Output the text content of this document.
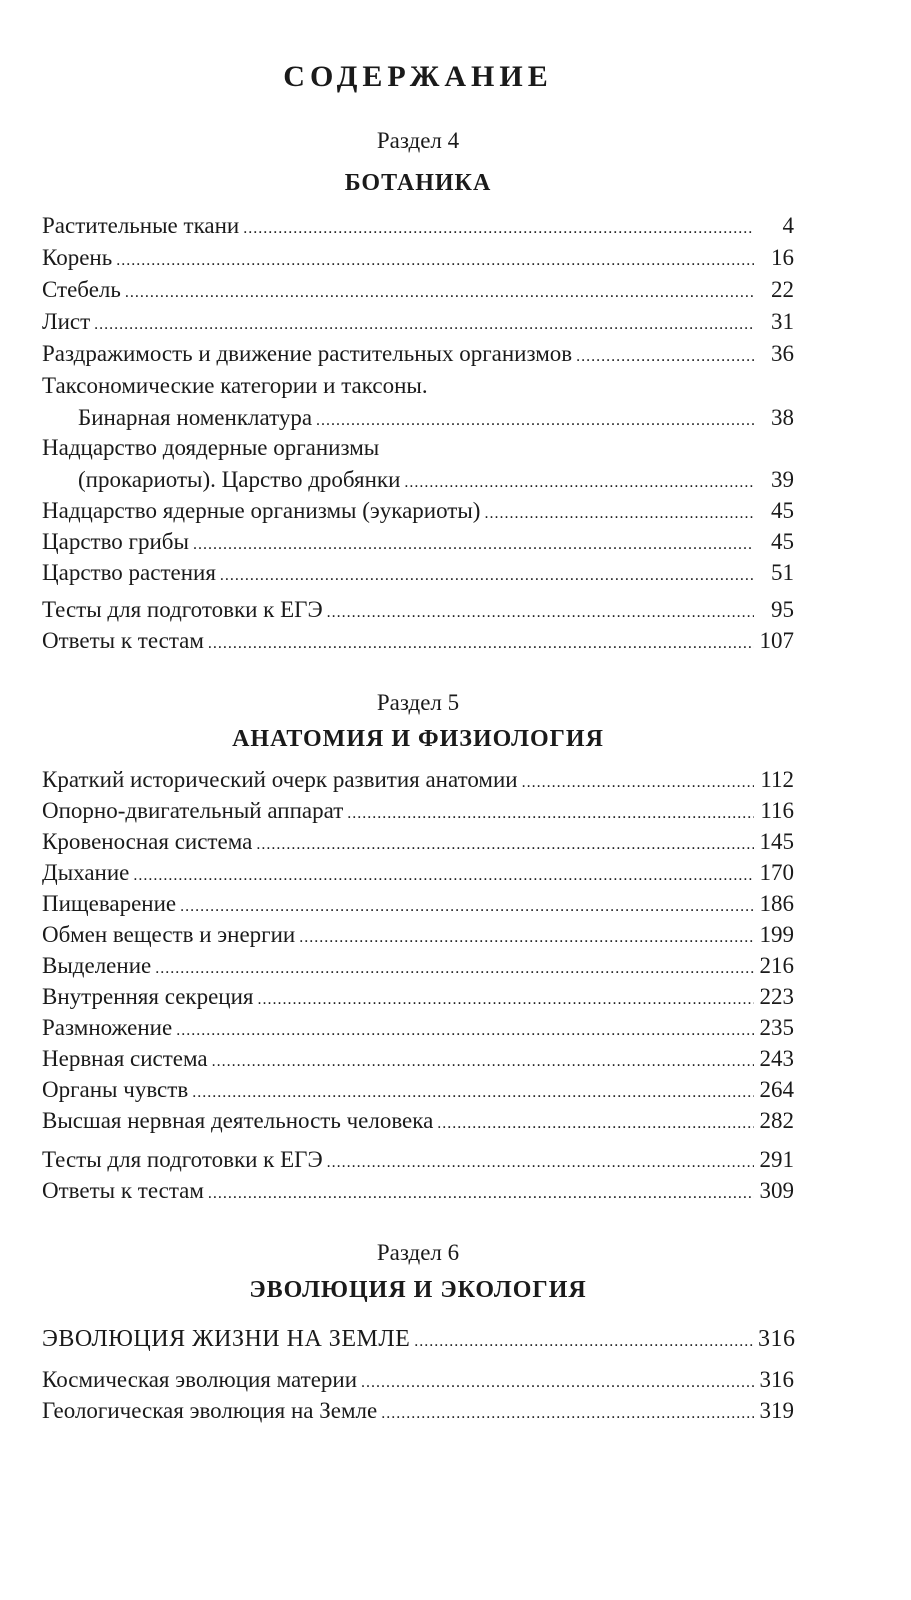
СОДЕРЖАНИЕ
Раздел 4
БОТАНИКА
Растительные ткани .....	4
Корень .....	16
Стебель .....	22
Лист .....	31
Раздражимость и движение растительных организмов .....	36
Таксономические категории и таксоны.
Бинарная номенклатура .....	38
Надцарство доядерные организмы
(прокариоты). Царство дробянки .....	39
Надцарство ядерные организмы (эукариоты) .....	45
Царство грибы .....	45
Царство растения .....	51
Тесты для подготовки к ЕГЭ .....	95
Ответы к тестам .....	107
Раздел 5
АНАТОМИЯ И ФИЗИОЛОГИЯ
Краткий исторический очерк развития анатомии .....	112
Опорно-двигательный аппарат .....	116
Кровеносная система .....	145
Дыхание .....	170
Пищеварение .....	186
Обмен веществ и энергии .....	199
Выделение .....	216
Внутренняя секреция .....	223
Размножение .....	235
Нервная система .....	243
Органы чувств .....	264
Высшая нервная деятельность человека .....	282
Тесты для подготовки к ЕГЭ .....	291
Ответы к тестам .....	309
Раздел 6
ЭВОЛЮЦИЯ И ЭКОЛОГИЯ
ЭВОЛЮЦИЯ ЖИЗНИ НА ЗЕМЛЕ .....	316
Космическая эволюция материи .....	316
Геологическая эволюция на Земле .....	319
